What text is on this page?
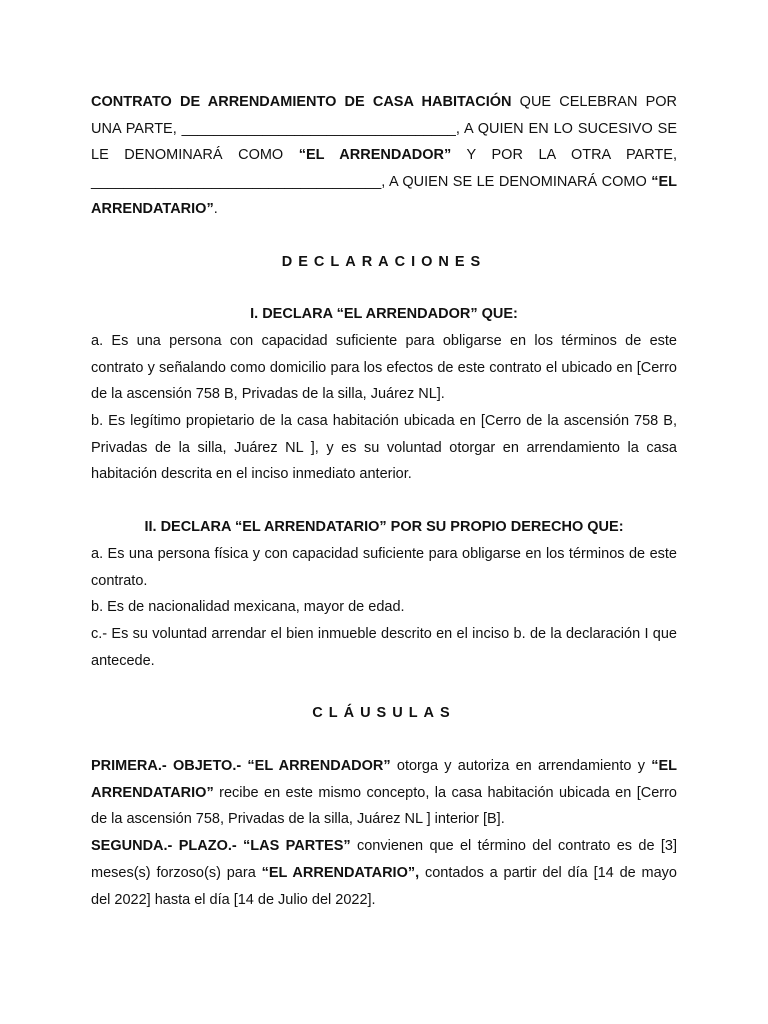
CONTRATO DE ARRENDAMIENTO DE CASA HABITACIÓN QUE CELEBRAN POR UNA PARTE, __________________________________, A QUIEN EN LO SUCESIVO SE LE DENOMINARÁ COMO “EL ARRENDADOR” Y POR LA OTRA PARTE, ____________________________________, A QUIEN SE LE DENOMINARÁ COMO “EL ARRENDATARIO”.

DECLARACIONES

I. DECLARA “EL ARRENDADOR” QUE:

a. Es una persona con capacidad suficiente para obligarse en los términos de este contrato y señalando como domicilio para los efectos de este contrato el ubicado en [Cerro de la ascensión 758 B, Privadas de la silla, Juárez NL].

b. Es legítimo propietario de la casa habitación ubicada en [Cerro de la ascensión 758 B, Privadas de la silla, Juárez NL ], y es su voluntad otorgar en arrendamiento la casa habitación descrita en el inciso inmediato anterior.

II. DECLARA “EL ARRENDATARIO” POR SU PROPIO DERECHO QUE:

a. Es una persona física y con capacidad suficiente para obligarse en los términos de este contrato.

b. Es de nacionalidad mexicana, mayor de edad.

c.- Es su voluntad arrendar el bien inmueble descrito en el inciso b. de la declaración I que antecede.

CLÁUSULAS

PRIMERA.- OBJETO.- “EL ARRENDADOR” otorga y autoriza en arrendamiento y “EL ARRENDATARIO” recibe en este mismo concepto, la casa habitación ubicada en [Cerro de la ascensión 758, Privadas de la silla, Juárez NL ] interior [B].

SEGUNDA.- PLAZO.- “LAS PARTES” convienen que el término del contrato es de [3] meses(s) forzoso(s) para “EL ARRENDATARIO”, contados a partir del día [14 de mayo del 2022] hasta el día [14 de Julio del 2022].
